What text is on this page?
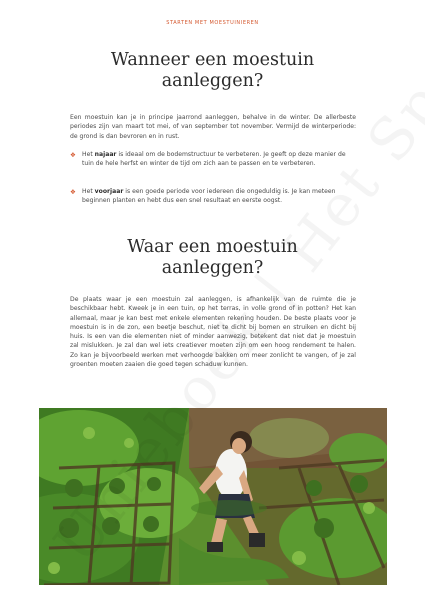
STARTEN MET MOESTUINIEREN
Wanneer een moestuin
aanleggen?

Een moestuin kan je in principe jaarrond aanleggen, behalve in de winter. De allerbeste periodes zijn van maart tot mei, of van september tot november. Vermijd de winterperiode: de grond is dan bevroren en in rust.

❖	Het najaar is ideaal om de bodemstructuur te verbeteren. Je geeft op deze manier de tuin de hele herfst en winter de tijd om zich aan te passen en te verbeteren.
❖	Het voorjaar is een goede periode voor iedereen die ongeduldig is. Je kan meteen beginnen planten en hebt dus een snel resultaat en eerste oogst.
Waar een moestuin
aanleggen?

De plaats waar je een moestuin zal aanleggen, is afhankelijk van de ruimte die je beschikbaar hebt. Kweek je in een tuin, op het terras, in volle grond of in potten? Het kan allemaal, maar je kan best met enkele elementen rekening houden. De beste plaats voor je moestuin is in de zon, een beetje beschut, niet te dicht bij bomen en struiken en dicht bij huis. Is een van die elementen niet of minder aanwezig, betekent dat niet dat je moestuin zal mislukken. Je zal dan wel iets creatiever moeten zijn om een hoog rendement te halen. Zo kan je bijvoorbeeld werken met verhoogde bakken om meer zonlicht te vangen, of je zal groenten moeten zaaien die goed tegen schaduw kunnen.
